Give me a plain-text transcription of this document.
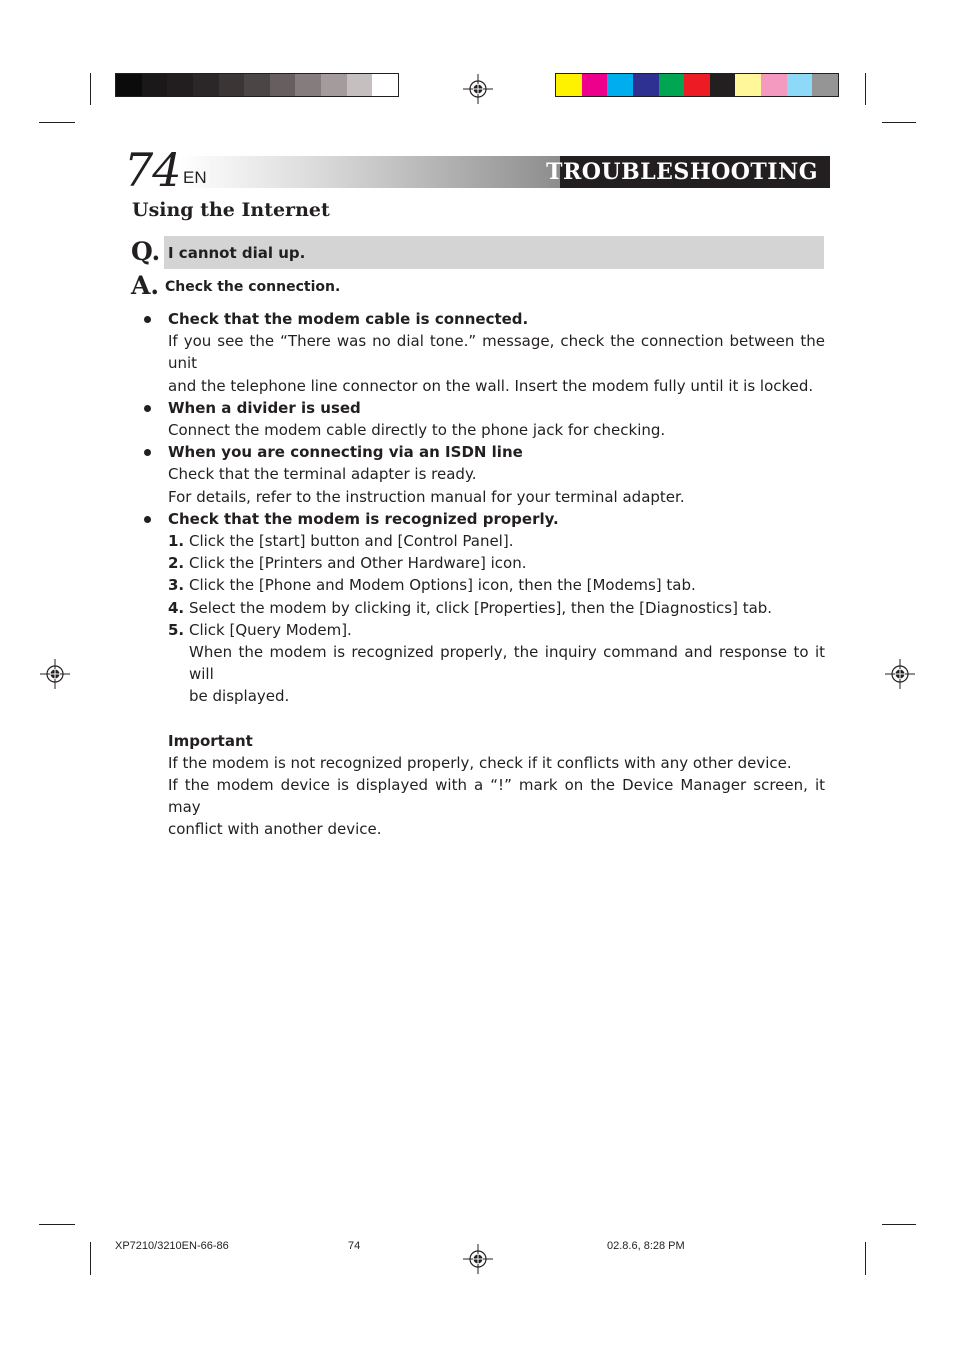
74 EN	TROUBLESHOOTING
Using the Internet
Q. I cannot dial up.
A. Check the connection.
Check that the modem cable is connected.
If you see the “There was no dial tone.” message, check the connection between the unit
and the telephone line connector on the wall. Insert the modem fully until it is locked.
When a divider is used
Connect the modem cable directly to the phone jack for checking.
When you are connecting via an ISDN line
Check that the terminal adapter is ready.
For details, refer to the instruction manual for your terminal adapter.
Check that the modem is recognized properly.
1. Click the [start] button and [Control Panel].
2. Click the [Printers and Other Hardware] icon.
3. Click the [Phone and Modem Options] icon, then the [Modems] tab.
4. Select the modem by clicking it, click [Properties], then the [Diagnostics] tab.
5. Click [Query Modem].
When the modem is recognized properly, the inquiry command and response to it will
be displayed.
Important
If the modem is not recognized properly, check if it conflicts with any other device.
If the modem device is displayed with a “!” mark on the Device Manager screen, it may
conflict with another device.
XP7210/3210EN-66-86	74	02.8.6, 8:28 PM
